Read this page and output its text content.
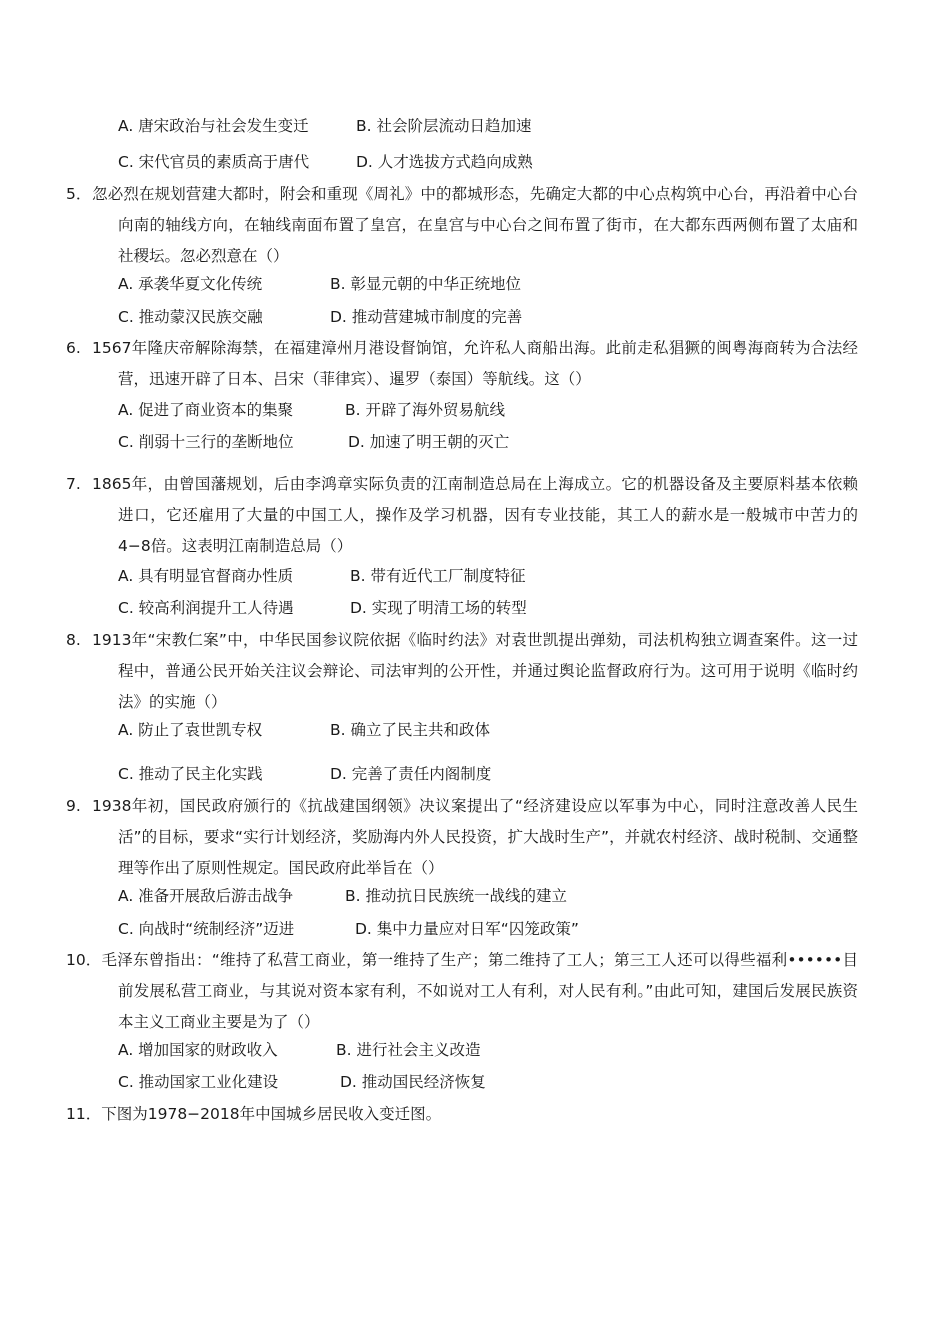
A. 唐宋政治与社会发生变迁	B. 社会阶层流动日趋加速
C. 宋代官员的素质高于唐代	D. 人才选拔方式趋向成熟
5．忽必烈在规划营建大都时，附会和重现《周礼》中的都城形态，先确定大都的中心点构筑中心台，再沿着中心台向南的轴线方向，在轴线南面布置了皇宫，在皇宫与中心台之间布置了街市，在大都东西两侧布置了太庙和社稷坛。忽必烈意在（）
A. 承袭华夏文化传统	B. 彰显元朝的中华正统地位
C. 推动蒙汉民族交融	D. 推动营建城市制度的完善
6.1567年隆庆帝解除海禁，在福建漳州月港设督饷馆，允许私人商船出海。此前走私猖獗的闽粤海商转为合法经营，迅速开辟了日本、吕宋（菲律宾）、暹罗（泰国）等航线。这（）
A. 促进了商业资本的集聚	B. 开辟了海外贸易航线
C. 削弱十三行的垄断地位	D. 加速了明王朝的灭亡
7.1865年，由曾国藩规划，后由李鸿章实际负责的江南制造总局在上海成立。它的机器设备及主要原料基本依赖进口，它还雇用了大量的中国工人，操作及学习机器，因有专业技能，其工人的薪水是一般城市中苦力的4−8倍。这表明江南制造总局（）
A. 具有明显官督商办性质	B. 带有近代工厂制度特征
C. 较高利润提升工人待遇	D. 实现了明清工场的转型
8.1913年“宋教仁案”中，中华民国参议院依据《临时约法》对袁世凯提出弹劾，司法机构独立调查案件。这一过程中，普通公民开始关注议会辩论、司法审判的公开性，并通过舆论监督政府行为。这可用于说明《临时约法》的实施（）
A. 防止了袁世凯专权	B. 确立了民主共和政体
C. 推动了民主化实践	D. 完善了责任内阁制度
9.1938年初，国民政府颁行的《抗战建国纲领》决议案提出了“经济建设应以军事为中心，同时注意改善人民生活”的目标，要求“实行计划经济，奖励海内外人民投资，扩大战时生产”，并就农村经济、战时税制、交通整理等作出了原则性规定。国民政府此举旨在（）
A. 准备开展敌后游击战争	B. 推动抗日民族统一战线的建立
C. 向战时“统制经济”迈进	D. 集中力量应对日军“囚笼政策”
10．毛泽东曾指出：“维持了私营工商业，第一维持了生产；第二维持了工人；第三工人还可以得些福利••••••目前发展私营工商业，与其说对资本家有利，不如说对工人有利，对人民有利。”由此可知，建国后发展民族资本主义工商业主要是为了（）
A. 增加国家的财政收入	B. 进行社会主义改造
C. 推动国家工业化建设	D. 推动国民经济恢复
11．下图为1978−2018年中国城乡居民收入变迁图。
